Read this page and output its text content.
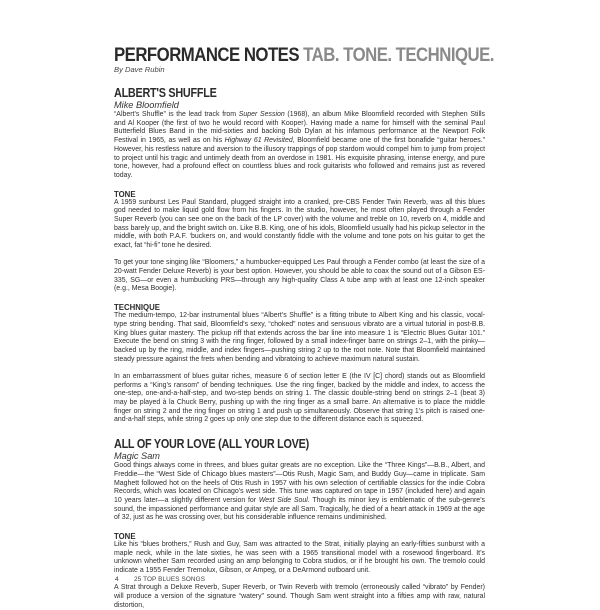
PERFORMANCE NOTES TAB. TONE. TECHNIQUE.

By Dave Rubin

ALBERT'S SHUFFLE

Mike Bloomfield

“Albert’s Shuffle” is the lead track from Super Session (1968), an album Mike Bloomfield recorded with Stephen Stills and Al Kooper (the first of two he would record with Kooper). Having made a name for himself with the seminal Paul Butterfield Blues Band in the mid-sixties and backing Bob Dylan at his infamous performance at the Newport Folk Festival in 1965, as well as on his Highway 61 Revisited, Bloomfield became one of the first bonafide “guitar heroes.” However, his restless nature and aversion to the illusory trappings of pop stardom would compel him to jump from project to project until his tragic and untimely death from an overdose in 1981. His exquisite phrasing, intense energy, and pure tone, however, had a profound effect on countless blues and rock guitarists who followed and remains just as revered today.

TONE

A 1959 sunburst Les Paul Standard, plugged straight into a cranked, pre-CBS Fender Twin Reverb, was all this blues god needed to make liquid gold flow from his fingers. In the studio, however, he most often played through a Fender Super Reverb (you can see one on the back of the LP cover) with the volume and treble on 10, reverb on 4, middle and bass barely up, and the bright switch on. Like B.B. King, one of his idols, Bloomfield usually had his pickup selector in the middle, with both P.A.F. ‘buckers on, and would constantly fiddle with the volume and tone pots on his guitar to get the exact, fat “hi-fi” tone he desired.

To get your tone singing like “Bloomers,” a humbucker-equipped Les Paul through a Fender combo (at least the size of a 20-watt Fender Deluxe Reverb) is your best option. However, you should be able to coax the sound out of a Gibson ES-335, SG—or even a humbucking PRS—through any high-quality Class A tube amp with at least one 12-inch speaker (e.g., Mesa Boogie).

TECHNIQUE

The medium-tempo, 12-bar instrumental blues “Albert’s Shuffle” is a fitting tribute to Albert King and his classic, vocal-type string bending. That said, Bloomfield’s sexy, “choked” notes and sensuous vibrato are a virtual tutorial in post-B.B. King blues guitar mastery. The pickup riff that extends across the bar line into measure 1 is “Electric Blues Guitar 101.” Execute the bend on string 3 with the ring finger, followed by a small index-finger barre on strings 2–1, with the pinky—backed up by the ring, middle, and index fingers—pushing string 2 up to the root note. Note that Bloomfield maintained steady pressure against the frets when bending and vibratoing to achieve maximum natural sustain.

In an embarrassment of blues guitar riches, measure 6 of section letter E (the IV [C] chord) stands out as Bloomfield performs a “King’s ransom” of bending techniques. Use the ring finger, backed by the middle and index, to access the one-step, one-and-a-half-step, and two-step bends on string 1. The classic double-string bend on strings 2–1 (beat 3) may be played à la Chuck Berry, pushing up with the ring finger as a small barre. An alternative is to place the middle finger on string 2 and the ring finger on string 1 and push up simultaneously. Observe that string 1’s pitch is raised one-and-a-half steps, while string 2 goes up only one step due to the different distance each is squeezed.

ALL OF YOUR LOVE (ALL YOUR LOVE)

Magic Sam

Good things always come in threes, and blues guitar greats are no exception. Like the “Three Kings”—B.B., Albert, and Freddie—the “West Side of Chicago blues masters”—Otis Rush, Magic Sam, and Buddy Guy—came in triplicate. Sam Maghett followed hot on the heels of Otis Rush in 1957 with his own selection of certifiable classics for the indie Cobra Records, which was located on Chicago’s west side. This tune was captured on tape in 1957 (included here) and again 10 years later—a slightly different version for West Side Soul. Though its minor key is emblematic of the sub-genre’s sound, the impassioned performance and guitar style are all Sam. Tragically, he died of a heart attack in 1969 at the age of 32, just as he was crossing over, but his considerable influence remains undiminished.

TONE

Like his “blues brothers,” Rush and Guy, Sam was attracted to the Strat, initially playing an early-fifties sunburst with a maple neck, while in the late sixties, he was seen with a 1965 transitional model with a rosewood fingerboard. It’s unknown whether Sam recorded using an amp belonging to Cobra studios, or if he brought his own. The tremolo could indicate a 1955 Fender Tremolux, Gibson, or Ampeg, or a DeArmond outboard unit.

A Strat through a Deluxe Reverb, Super Reverb, or Twin Reverb with tremolo (erroneously called “vibrato” by Fender) will produce a version of the signature “watery” sound. Though Sam went straight into a fifties amp with raw, natural distortion,

4 25 TOP BLUES SONGS
